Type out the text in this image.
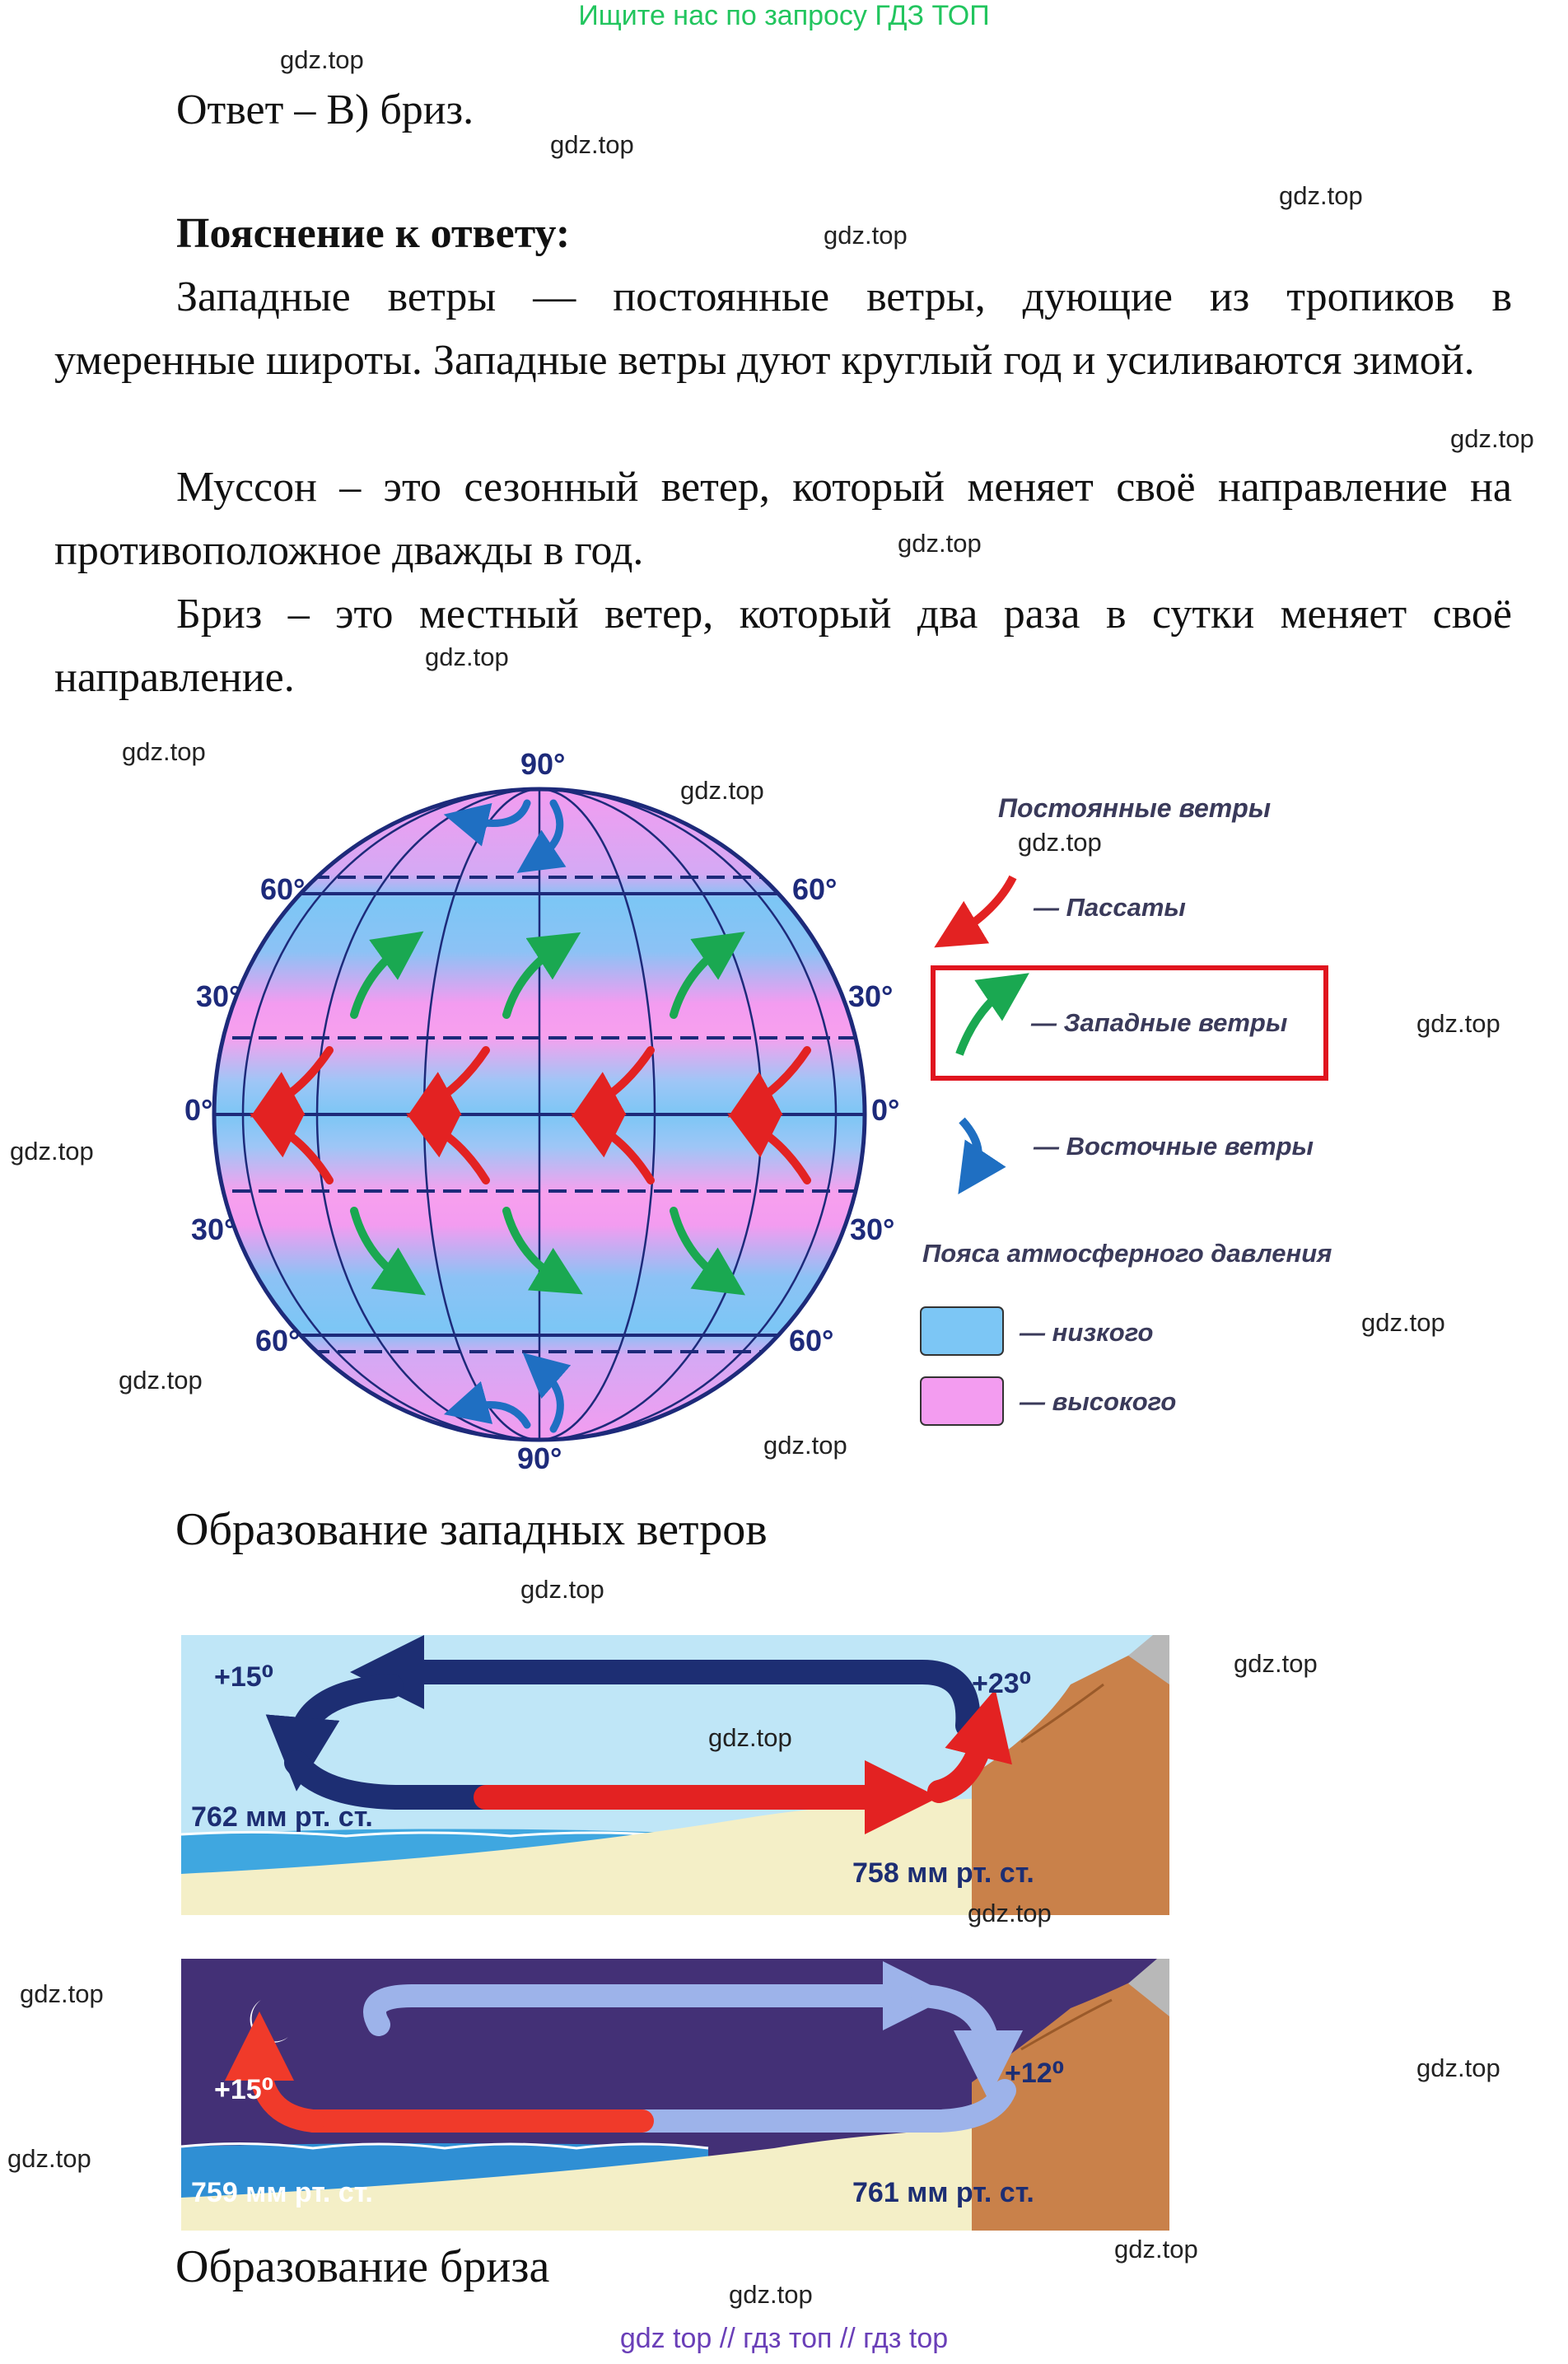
Ищите нас по запросу ГДЗ ТОП
gdz.top
gdz.top
gdz.top
gdz.top
gdz.top
gdz.top
gdz.top
Ответ – В) бриз.
Пояснение к ответу:
Западные ветры — постоянные ветры, дующие из тропиков в умеренные широты. Западные ветры дуют круглый год и усиливаются зимой.
Муссон – это сезонный ветер, который меняет своё направление на противоположное дважды в год.
Бриз – это местный ветер, который два раза в сутки меняет своё направление.
90°
60°	60°
30°	30°
0°	0°
30°	30°
60°	60°
90°
Постоянные ветры
— Пассаты
— Западные ветры
— Восточные ветры
Пояса атмосферного давления
— низкого
— высокого
gdz.top
gdz.top
gdz.top
gdz.top
gdz.top
gdz.top
gdz.top
gdz.top
Образование западных ветров
gdz.top
+15⁰	+23⁰
762 мм рт. ст.
758 мм рт. ст.
gdz.top
gdz.top
gdz.top
+15⁰
+12⁰
759 мм рт. ст.	761 мм рт. ст.
gdz.top
gdz.top
gdz.top
gdz.top
Образование бриза
gdz.top
gdz top // гдз топ // гдз top
